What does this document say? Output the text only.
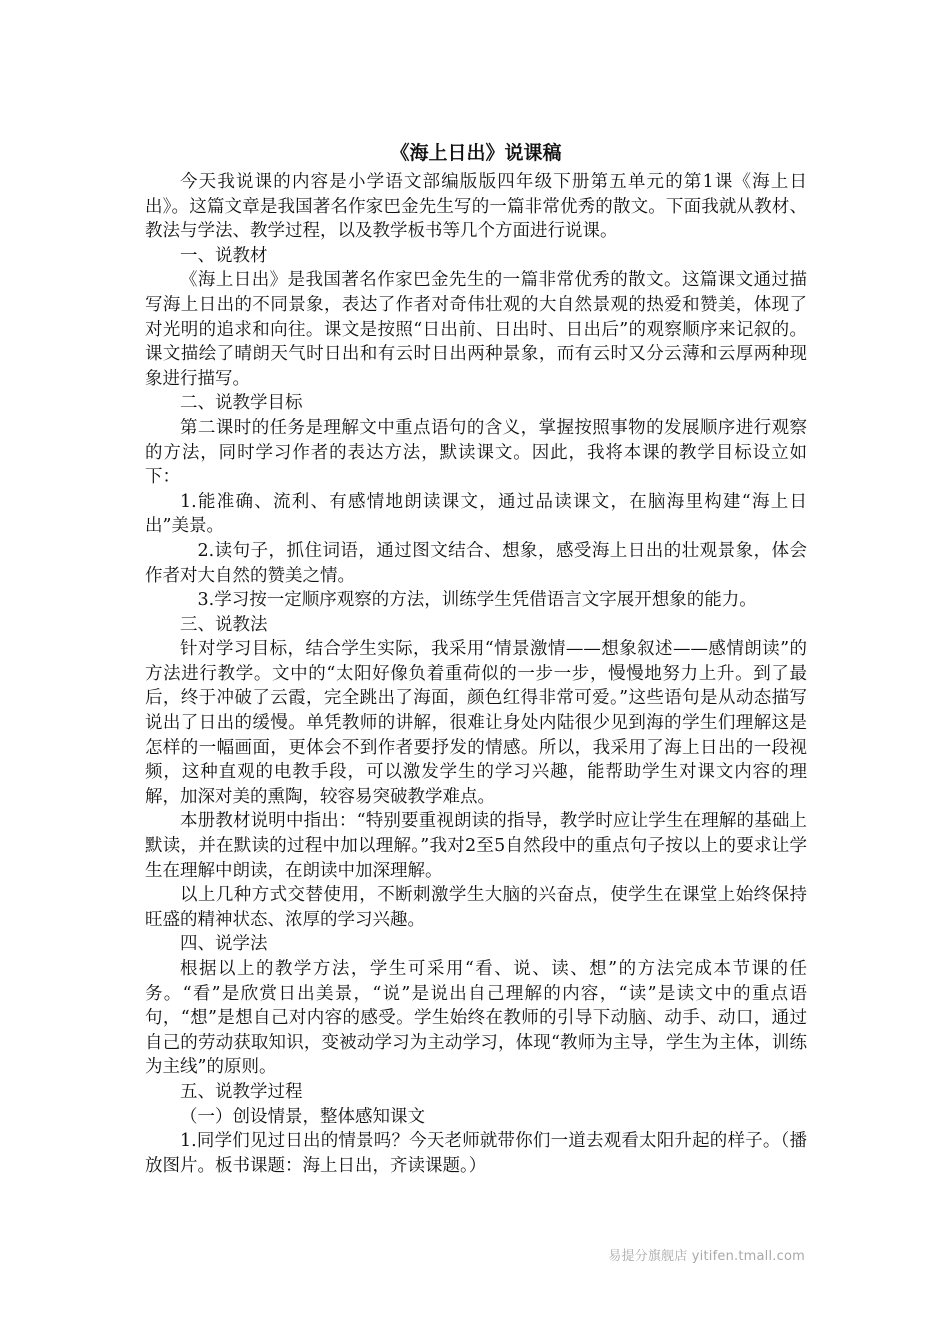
《海上日出》说课稿

今天我说课的内容是小学语文部编版版四年级下册第五单元的第1课《海上日出》。这篇文章是我国著名作家巴金先生写的一篇非常优秀的散文。下面我就从教材、教法与学法、教学过程，以及教学板书等几个方面进行说课。

一、说教材

《海上日出》是我国著名作家巴金先生的一篇非常优秀的散文。这篇课文通过描写海上日出的不同景象，表达了作者对奇伟壮观的大自然景观的热爱和赞美，体现了对光明的追求和向往。课文是按照“日出前、日出时、日出后”的观察顺序来记叙的。课文描绘了晴朗天气时日出和有云时日出两种景象，而有云时又分云薄和云厚两种现象进行描写。

二、说教学目标

第二课时的任务是理解文中重点语句的含义，掌握按照事物的发展顺序进行观察的方法，同时学习作者的表达方法，默读课文。因此，我将本课的教学目标设立如下：

1.能准确、流利、有感情地朗读课文，通过品读课文，在脑海里构建“海上日出”美景。

2.读句子，抓住词语，通过图文结合、想象，感受海上日出的壮观景象，体会作者对大自然的赞美之情。

3.学习按一定顺序观察的方法，训练学生凭借语言文字展开想象的能力。

三、说教法

针对学习目标，结合学生实际，我采用“情景激情——想象叙述——感情朗读”的方法进行教学。文中的“太阳好像负着重荷似的一步一步，慢慢地努力上升。到了最后，终于冲破了云霞，完全跳出了海面，颜色红得非常可爱。”这些语句是从动态描写说出了日出的缓慢。单凭教师的讲解，很难让身处内陆很少见到海的学生们理解这是怎样的一幅画面，更体会不到作者要抒发的情感。所以，我采用了海上日出的一段视频，这种直观的电教手段，可以激发学生的学习兴趣，能帮助学生对课文内容的理解，加深对美的熏陶，较容易突破教学难点。

本册教材说明中指出：“特别要重视朗读的指导，教学时应让学生在理解的基础上默读，并在默读的过程中加以理解。”我对2至5自然段中的重点句子按以上的要求让学生在理解中朗读，在朗读中加深理解。

以上几种方式交替使用，不断刺激学生大脑的兴奋点，使学生在课堂上始终保持旺盛的精神状态、浓厚的学习兴趣。

四、说学法

根据以上的教学方法，学生可采用“看、说、读、想”的方法完成本节课的任务。“看”是欣赏日出美景，“说”是说出自己理解的内容，“读”是读文中的重点语句，“想”是想自己对内容的感受。学生始终在教师的引导下动脑、动手、动口，通过自己的劳动获取知识，变被动学习为主动学习，体现“教师为主导，学生为主体，训练为主线”的原则。

五、说教学过程

（一）创设情景，整体感知课文

1.同学们见过日出的情景吗？今天老师就带你们一道去观看太阳升起的样子。（播放图片。板书课题：海上日出，齐读课题。）

易提分旗舰店 yitifen.tmall.com
